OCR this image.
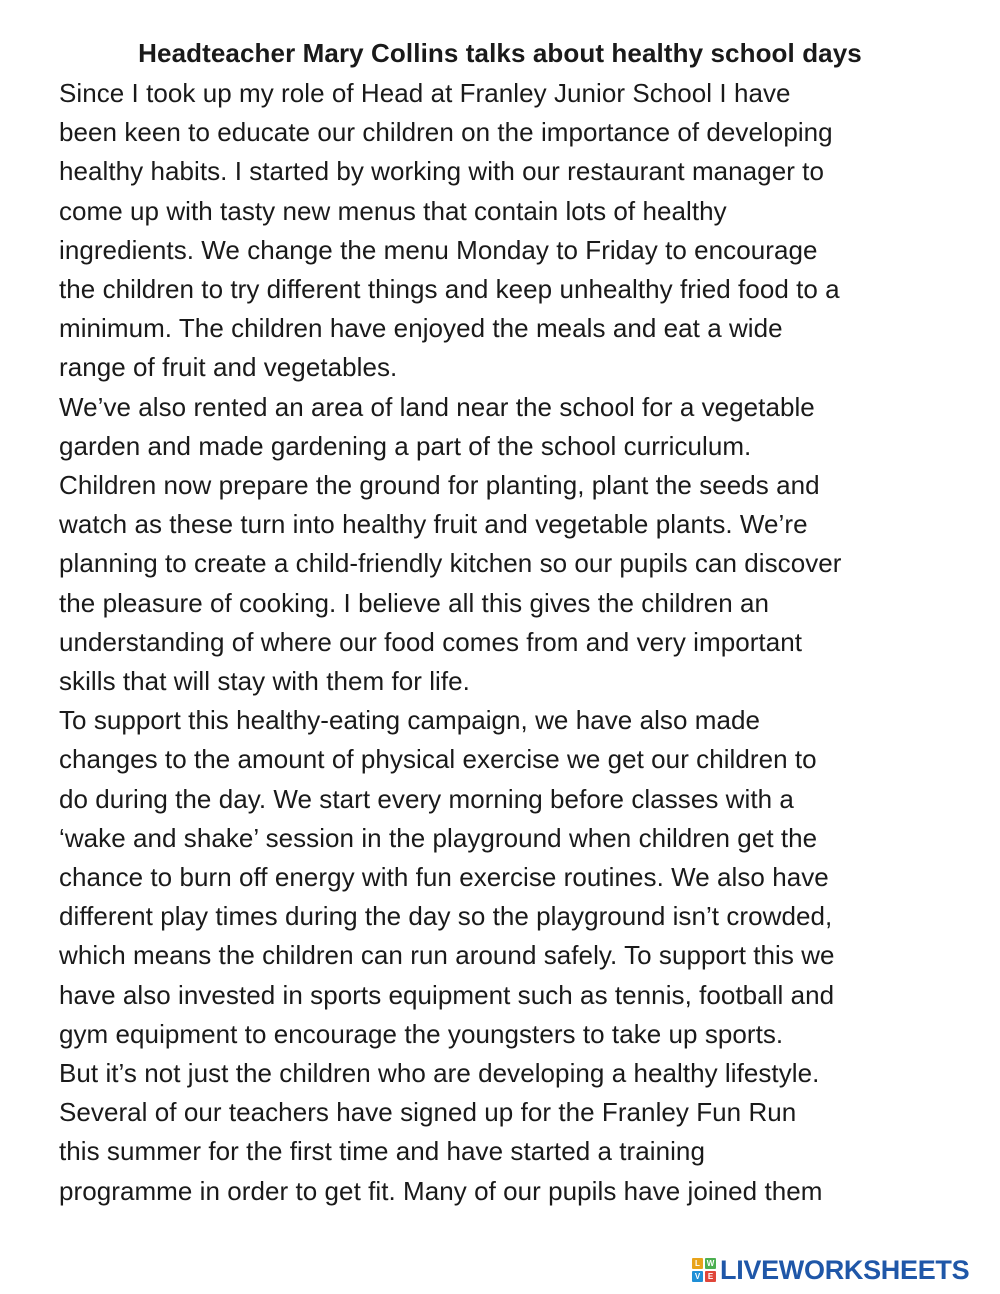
Headteacher Mary Collins talks about healthy school days
Since I took up my role of Head at Franley Junior School I have
been keen to educate our children on the importance of developing
healthy habits. I started by working with our restaurant manager to
come up with tasty new menus that contain lots of healthy
ingredients. We change the menu Monday to Friday to encourage
the children to try different things and keep unhealthy fried food to a
minimum. The children have enjoyed the meals and eat a wide
range of fruit and vegetables.
We’ve also rented an area of land near the school for a vegetable
garden and made gardening a part of the school curriculum.
Children now prepare the ground for planting, plant the seeds and
watch as these turn into healthy fruit and vegetable plants. We’re
planning to create a child-friendly kitchen so our pupils can discover
the pleasure of cooking. I believe all this gives the children an
understanding of where our food comes from and very important
skills that will stay with them for life.
To support this healthy-eating campaign, we have also made
changes to the amount of physical exercise we get our children to
do during the day. We start every morning before classes with a
‘wake and shake’ session in the playground when children get the
chance to burn off energy with fun exercise routines. We also have
different play times during the day so the playground isn’t crowded,
which means the children can run around safely. To support this we
have also invested in sports equipment such as tennis, football and
gym equipment to encourage the youngsters to take up sports.
But it’s not just the children who are developing a healthy lifestyle.
Several of our teachers have signed up for the Franley Fun Run
this summer for the first time and have started a training
programme in order to get fit. Many of our pupils have joined them
L W
V E LIVEWORKSHEETS
